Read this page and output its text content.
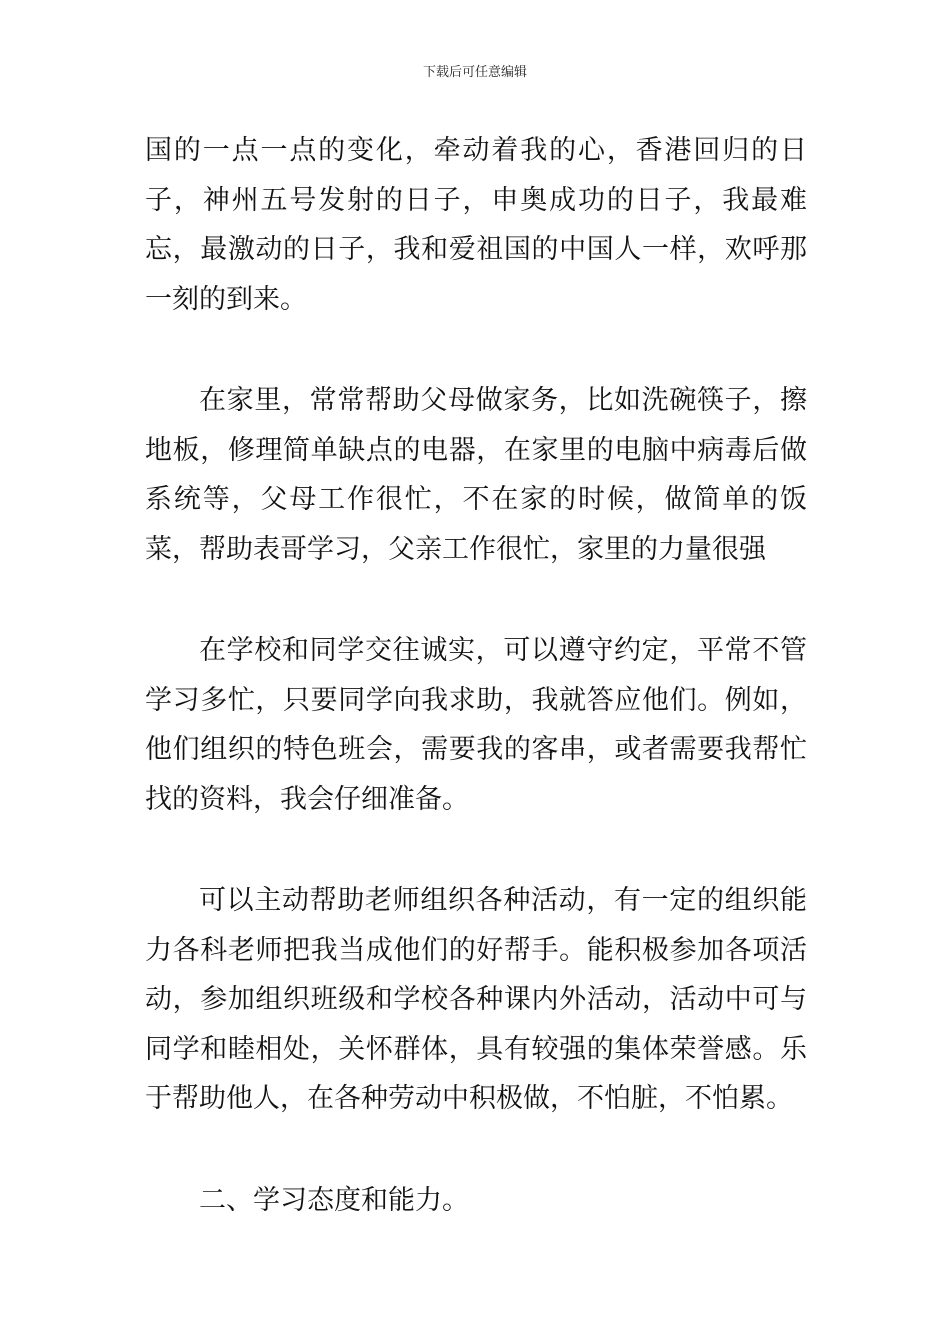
下载后可任意编辑

国的一点一点的变化，牵动着我的心，香港回归的日子，神州五号发射的日子，申奥成功的日子，我最难忘，最激动的日子，我和爱祖国的中国人一样，欢呼那一刻的到来。

在家里，常常帮助父母做家务，比如洗碗筷子，擦地板，修理简单缺点的电器，在家里的电脑中病毒后做系统等，父母工作很忙，不在家的时候，做简单的饭菜，帮助表哥学习，父亲工作很忙，家里的力量很强

在学校和同学交往诚实，可以遵守约定，平常不管学习多忙，只要同学向我求助，我就答应他们。例如，他们组织的特色班会，需要我的客串，或者需要我帮忙找的资料，我会仔细准备。

可以主动帮助老师组织各种活动，有一定的组织能力各科老师把我当成他们的好帮手。能积极参加各项活动，参加组织班级和学校各种课内外活动，活动中可与同学和睦相处，关怀群体，具有较强的集体荣誉感。乐于帮助他人，在各种劳动中积极做，不怕脏，不怕累。

二、学习态度和能力。
